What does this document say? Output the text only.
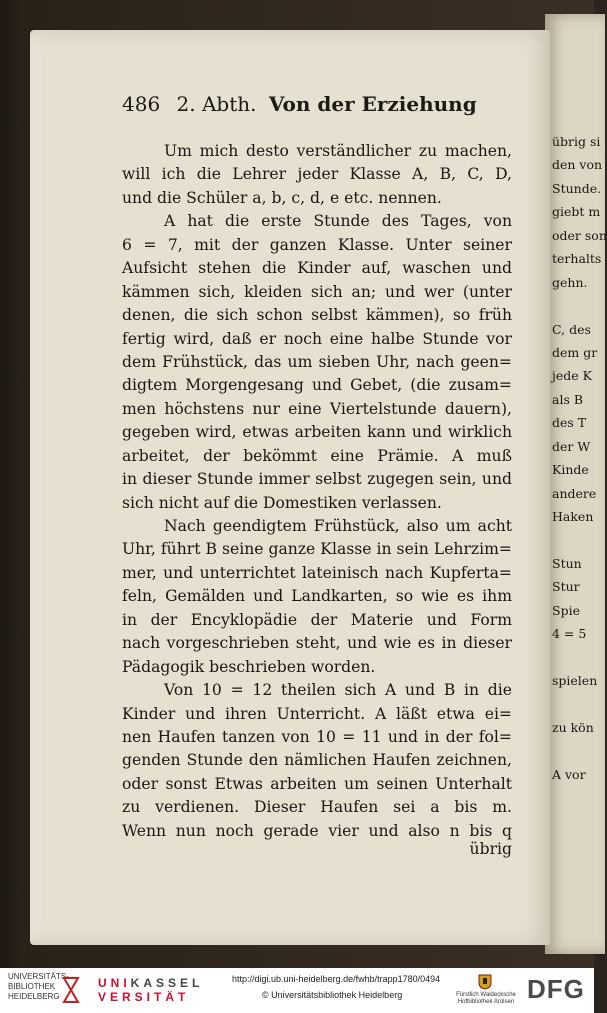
486 2. Abth. Von der Erziehung
Um mich desto verständlicher zu machen,
will ich die Lehrer jeder Klasse A, B, C, D,
und die Schüler a, b, c, d, e etc. nennen.
A hat die erste Stunde des Tages, von
6 = 7, mit der ganzen Klasse. Unter seiner
Aufsicht stehen die Kinder auf, waschen und
kämmen sich, kleiden sich an; und wer (unter
denen, die sich schon selbst kämmen), so früh
fertig wird, daß er noch eine halbe Stunde vor
dem Frühstück, das um sieben Uhr, nach geen=
digtem Morgengesang und Gebet, (die zusam=
men höchstens nur eine Viertelstunde dauern),
gegeben wird, etwas arbeiten kann und wirklich
arbeitet, der bekömmt eine Prämie. A muß
in dieser Stunde immer selbst zugegen sein, und
sich nicht auf die Domestiken verlassen.
Nach geendigtem Frühstück, also um acht
Uhr, führt B seine ganze Klasse in sein Lehrzim=
mer, und unterrichtet lateinisch nach Kupferta=
feln, Gemälden und Landkarten, so wie es ihm
in der Encyklopädie der Materie und Form
nach vorgeschrieben steht, und wie es in dieser
Pädagogik beschrieben worden.
Von 10 = 12 theilen sich A und B in die
Kinder und ihren Unterricht. A läßt etwa ei=
nen Haufen tanzen von 10 = 11 und in der fol=
genden Stunde den nämlichen Haufen zeichnen,
oder sonst Etwas arbeiten um seinen Unterhalt
zu verdienen. Dieser Haufen sei a bis m.
Wenn nun noch gerade vier und also n bis q
übrig
übrig si
den von
Stunde.
giebt m
oder son
terhalts
gehn.
C, des
dem gr
jede K
als B
des T
der W
Kinde
andere
Haken
Stun
Stur
Spie
4 = 5
spielen
zu kön
A vor
UNIVERSITÄTS-
BIBLIOTHEK
HEIDELBERG
UNIKASSEL
VERSITÄT
http://digi.ub.uni-heidelberg.de/fwhb/trapp1780/0494
© Universitätsbibliothek Heidelberg	Fürstlich Waldecksche
Hofbibliothek Arolsen DFG
